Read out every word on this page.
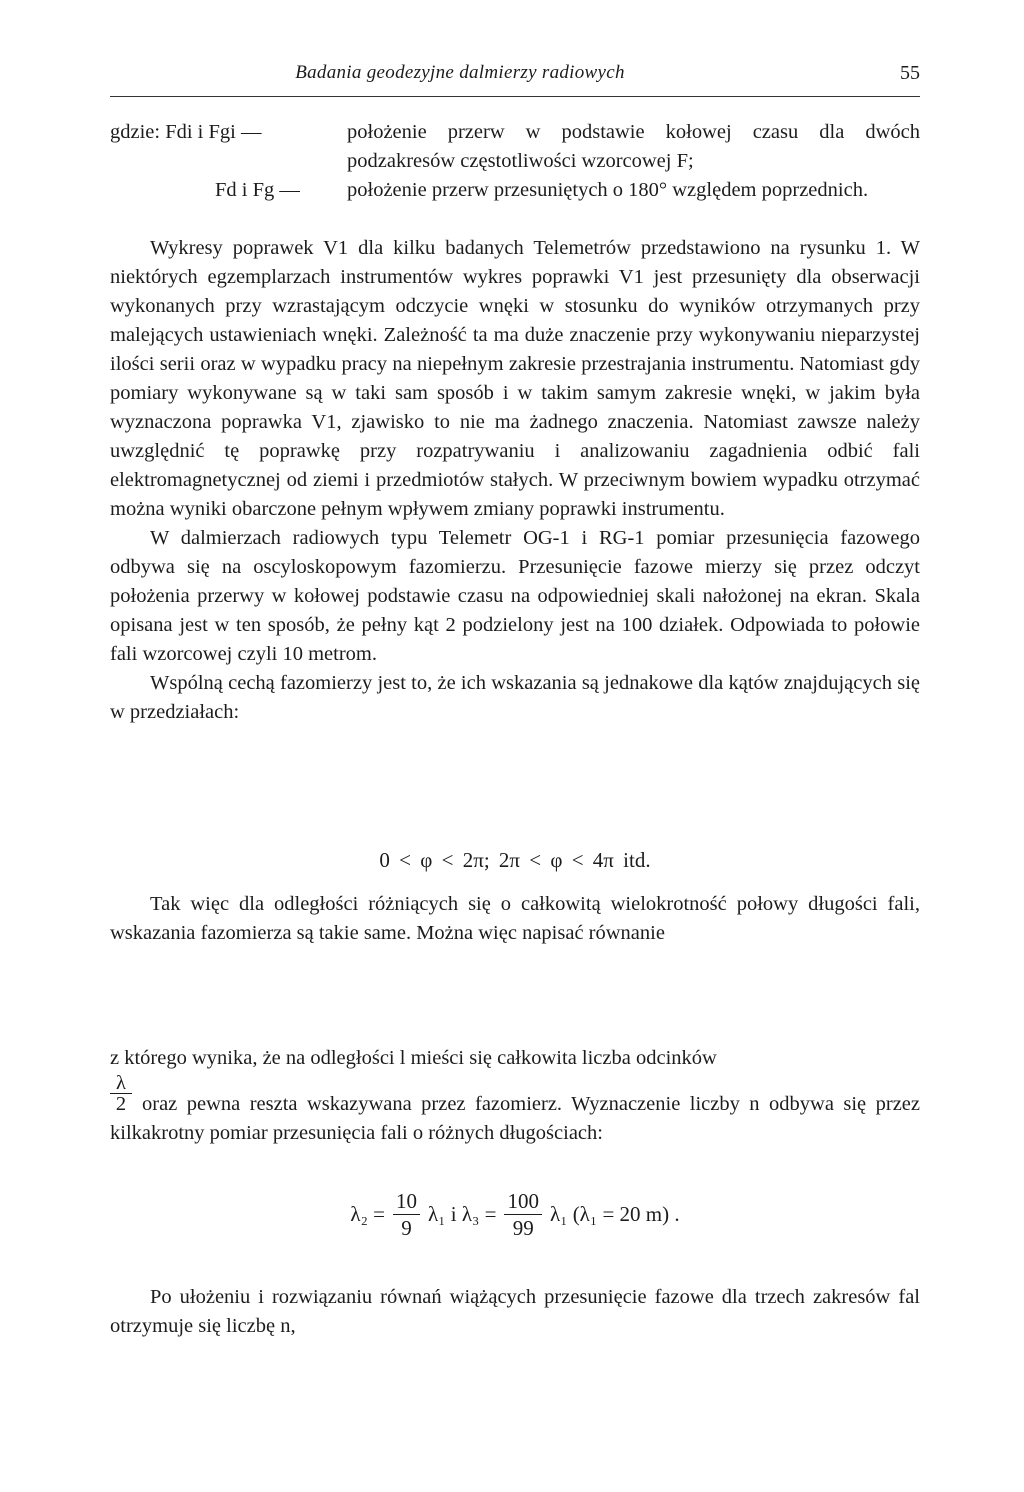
Badania geodezyjne dalmierzy radiowych	55
gdzie: Fdi i Fgi —	położenie przerw w podstawie kołowej czasu dla dwóch podzakresów częstotliwości wzorcowej F;
Fd i Fg —	położenie przerw przesuniętych o 180° względem poprzednich.

Wykresy poprawek V1 dla kilku badanych Telemetrów przedstawiono na rysunku 1. W niektórych egzemplarzach instrumentów wykres poprawki V1 jest przesunięty dla obserwacji wykonanych przy wzrastającym odczycie wnęki w stosunku do wyników otrzymanych przy malejących ustawieniach wnęki. Zależność ta ma duże znaczenie przy wykonywaniu nieparzystej ilości serii oraz w wypadku pracy na niepełnym zakresie przestrajania instrumentu. Natomiast gdy pomiary wykonywane są w taki sam sposób i w takim samym zakresie wnęki, w jakim była wyznaczona poprawka V1, zjawisko to nie ma żadnego znaczenia. Natomiast zawsze należy uwzględnić tę poprawkę przy rozpatrywaniu i analizowaniu zagadnienia odbić fali elektromagnetycznej od ziemi i przedmiotów stałych. W przeciwnym bowiem wypadku otrzymać można wyniki obarczone pełnym wpływem zmiany poprawki instrumentu.

W dalmierzach radiowych typu Telemetr OG-1 i RG-1 pomiar przesunięcia fazowego odbywa się na oscyloskopowym fazomierzu. Przesunięcie fazowe mierzy się przez odczyt położenia przerwy w kołowej podstawie czasu na odpowiedniej skali nałożonej na ekran. Skala opisana jest w ten sposób, że pełny kąt 2 podzielony jest na 100 działek. Odpowiada to połowie fali wzorcowej czyli 10 metrom.

Wspólną cechą fazomierzy jest to, że ich wskazania są jednakowe dla kątów znajdujących się w przedziałach:

0 < φ < 2π; 2π < φ < 4π itd.

Tak więc dla odległości różniących się o całkowitą wielokrotność połowy długości fali, wskazania fazomierza są takie same. Można więc napisać równanie

z którego wynika, że na odległości l mieści się całkowita liczba odcinków

$\frac{\lambda}{2}$ oraz pewna reszta wskazywana przez fazomierz. Wyznaczenie liczby n odbywa się przez kilkakrotny pomiar przesunięcia fali o różnych długościach:

$\lambda_2 = \frac{10}{9} \lambda_1$ i $\lambda_3 = \frac{100}{99} \lambda_1$ (λ₁ = 20 m) .

Po ułożeniu i rozwiązaniu równań wiążących przesunięcie fazowe dla trzech zakresów fal otrzymuje się liczbę n,
